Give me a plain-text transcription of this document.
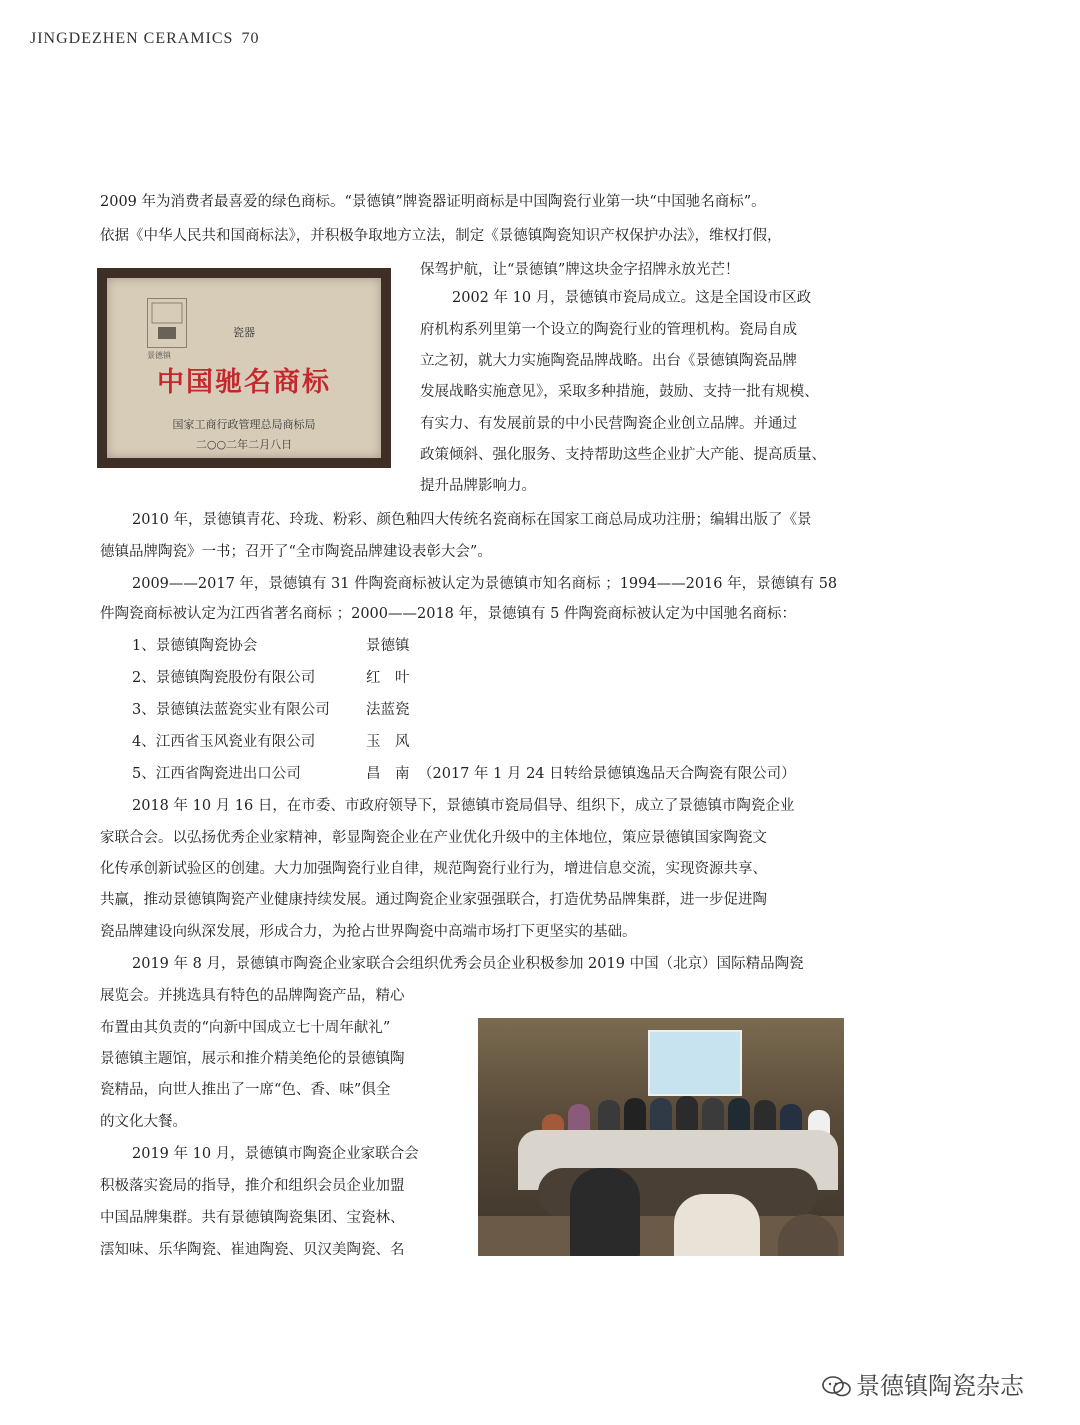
JINGDEZHEN CERAMICS 70
2009 年为消费者最喜爱的绿色商标。“景德镇”牌瓷器证明商标是中国陶瓷行业第一块“中国驰名商标”。
依据《中华人民共和国商标法》，并积极争取地方立法，制定《景德镇陶瓷知识产权保护办法》，维权打假，
景德镇
瓷器
中国驰名商标
国家工商行政管理总局商标局
二○○二年二月八日
保驾护航，让“景德镇”牌这块金字招牌永放光芒！
2002 年 10 月，景德镇市瓷局成立。这是全国设市区政
府机构系列里第一个设立的陶瓷行业的管理机构。瓷局自成
立之初，就大力实施陶瓷品牌战略。出台《景德镇陶瓷品牌
发展战略实施意见》，采取多种措施，鼓励、支持一批有规模、
有实力、有发展前景的中小民营陶瓷企业创立品牌。并通过
政策倾斜、强化服务、支持帮助这些企业扩大产能、提高质量、
提升品牌影响力。
2010 年，景德镇青花、玲珑、粉彩、颜色釉四大传统名瓷商标在国家工商总局成功注册；编辑出版了《景
德镇品牌陶瓷》一书；召开了“全市陶瓷品牌建设表彰大会”。
2009——2017 年，景德镇有 31 件陶瓷商标被认定为景德镇市知名商标 ；1994——2016 年，景德镇有 58
件陶瓷商标被认定为江西省著名商标 ；2000——2018 年，景德镇有 5 件陶瓷商标被认定为中国驰名商标：
1、景德镇陶瓷协会	景德镇
2、景德镇陶瓷股份有限公司	红　叶
3、景德镇法蓝瓷实业有限公司	法蓝瓷
4、江西省玉风瓷业有限公司	玉　风
5、江西省陶瓷进出口公司	昌　南 （2017 年 1 月 24 日转给景德镇逸品天合陶瓷有限公司）
2018 年 10 月 16 日，在市委、市政府领导下，景德镇市瓷局倡导、组织下，成立了景德镇市陶瓷企业
家联合会。以弘扬优秀企业家精神，彰显陶瓷企业在产业优化升级中的主体地位，策应景德镇国家陶瓷文
化传承创新试验区的创建。大力加强陶瓷行业自律，规范陶瓷行业行为，增进信息交流，实现资源共享、
共赢，推动景德镇陶瓷产业健康持续发展。通过陶瓷企业家强强联合，打造优势品牌集群，进一步促进陶
瓷品牌建设向纵深发展，形成合力，为抢占世界陶瓷中高端市场打下更坚实的基础。
2019 年 8 月，景德镇市陶瓷企业家联合会组织优秀会员企业积极参加 2019 中国（北京）国际精品陶瓷
展览会。并挑选具有特色的品牌陶瓷产品，精心
布置由其负责的“向新中国成立七十周年献礼”
景德镇主题馆，展示和推介精美绝伦的景德镇陶
瓷精品，向世人推出了一席“色、香、味”俱全
的文化大餐。
2019 年 10 月，景德镇市陶瓷企业家联合会
积极落实瓷局的指导，推介和组织会员企业加盟
中国品牌集群。共有景德镇陶瓷集团、宝瓷林、
澐知味、乐华陶瓷、崔迪陶瓷、贝汉美陶瓷、名
景德镇陶瓷杂志
